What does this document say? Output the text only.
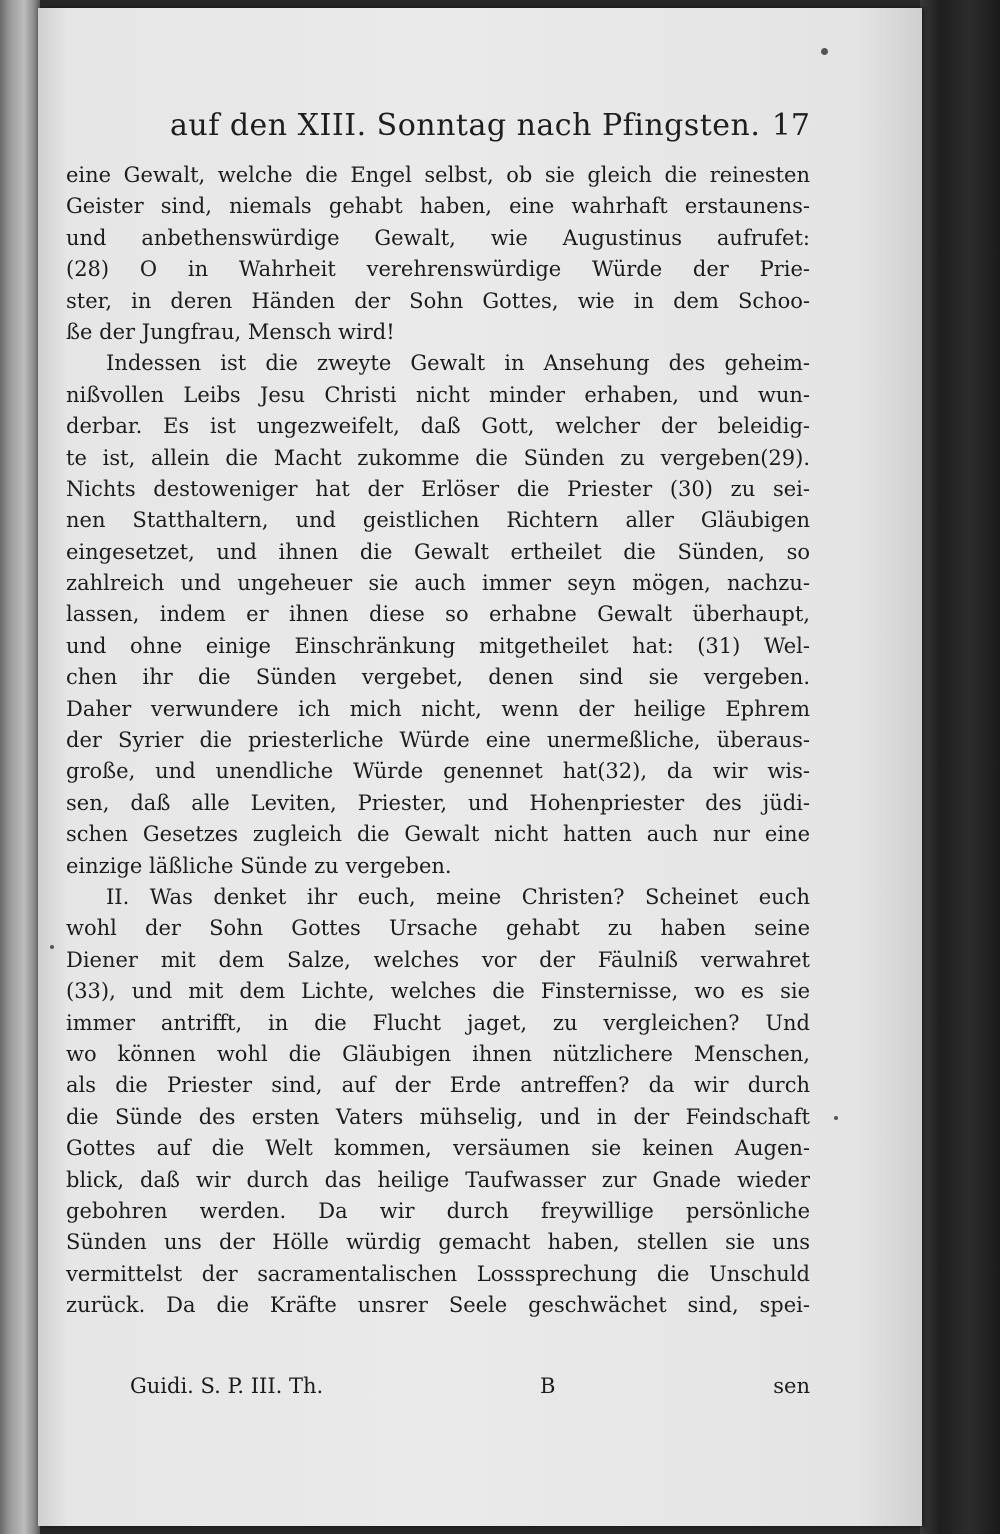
auf den XIII. Sonntag nach Pfingsten. 17
eine Gewalt, welche die Engel selbst, ob sie gleich die reinesten
Geister sind, niemals gehabt haben, eine wahrhaft erstaunens-
und anbethenswürdige Gewalt, wie Augustinus aufrufet:
(28) O in Wahrheit verehrenswürdige Würde der Prie-
ster, in deren Händen der Sohn Gottes, wie in dem Schoo-
ße der Jungfrau, Mensch wird!
Indessen ist die zweyte Gewalt in Ansehung des geheim-
nißvollen Leibs Jesu Christi nicht minder erhaben, und wun-
derbar. Es ist ungezweifelt, daß Gott, welcher der beleidig-
te ist, allein die Macht zukomme die Sünden zu vergeben(29).
Nichts destoweniger hat der Erlöser die Priester (30) zu sei-
nen Statthaltern, und geistlichen Richtern aller Gläubigen
eingesetzet, und ihnen die Gewalt ertheilet die Sünden, so
zahlreich und ungeheuer sie auch immer seyn mögen, nachzu-
lassen, indem er ihnen diese so erhabne Gewalt überhaupt,
und ohne einige Einschränkung mitgetheilet hat: (31) Wel-
chen ihr die Sünden vergebet, denen sind sie vergeben.
Daher verwundere ich mich nicht, wenn der heilige Ephrem
der Syrier die priesterliche Würde eine unermeßliche, überaus-
große, und unendliche Würde genennet hat(32), da wir wis-
sen, daß alle Leviten, Priester, und Hohenpriester des jüdi-
schen Gesetzes zugleich die Gewalt nicht hatten auch nur eine
einzige läßliche Sünde zu vergeben.
II. Was denket ihr euch, meine Christen? Scheinet euch
wohl der Sohn Gottes Ursache gehabt zu haben seine
Diener mit dem Salze, welches vor der Fäulniß verwahret
(33), und mit dem Lichte, welches die Finsternisse, wo es sie
immer antrifft, in die Flucht jaget, zu vergleichen? Und
wo können wohl die Gläubigen ihnen nützlichere Menschen,
als die Priester sind, auf der Erde antreffen? da wir durch
die Sünde des ersten Vaters mühselig, und in der Feindschaft
Gottes auf die Welt kommen, versäumen sie keinen Augen-
blick, daß wir durch das heilige Taufwasser zur Gnade wieder
gebohren werden. Da wir durch freywillige persönliche
Sünden uns der Hölle würdig gemacht haben, stellen sie uns
vermittelst der sacramentalischen Losssprechung die Unschuld
zurück. Da die Kräfte unsrer Seele geschwächet sind, spei-
Guidi. S. P. III. Th.	B	sen
